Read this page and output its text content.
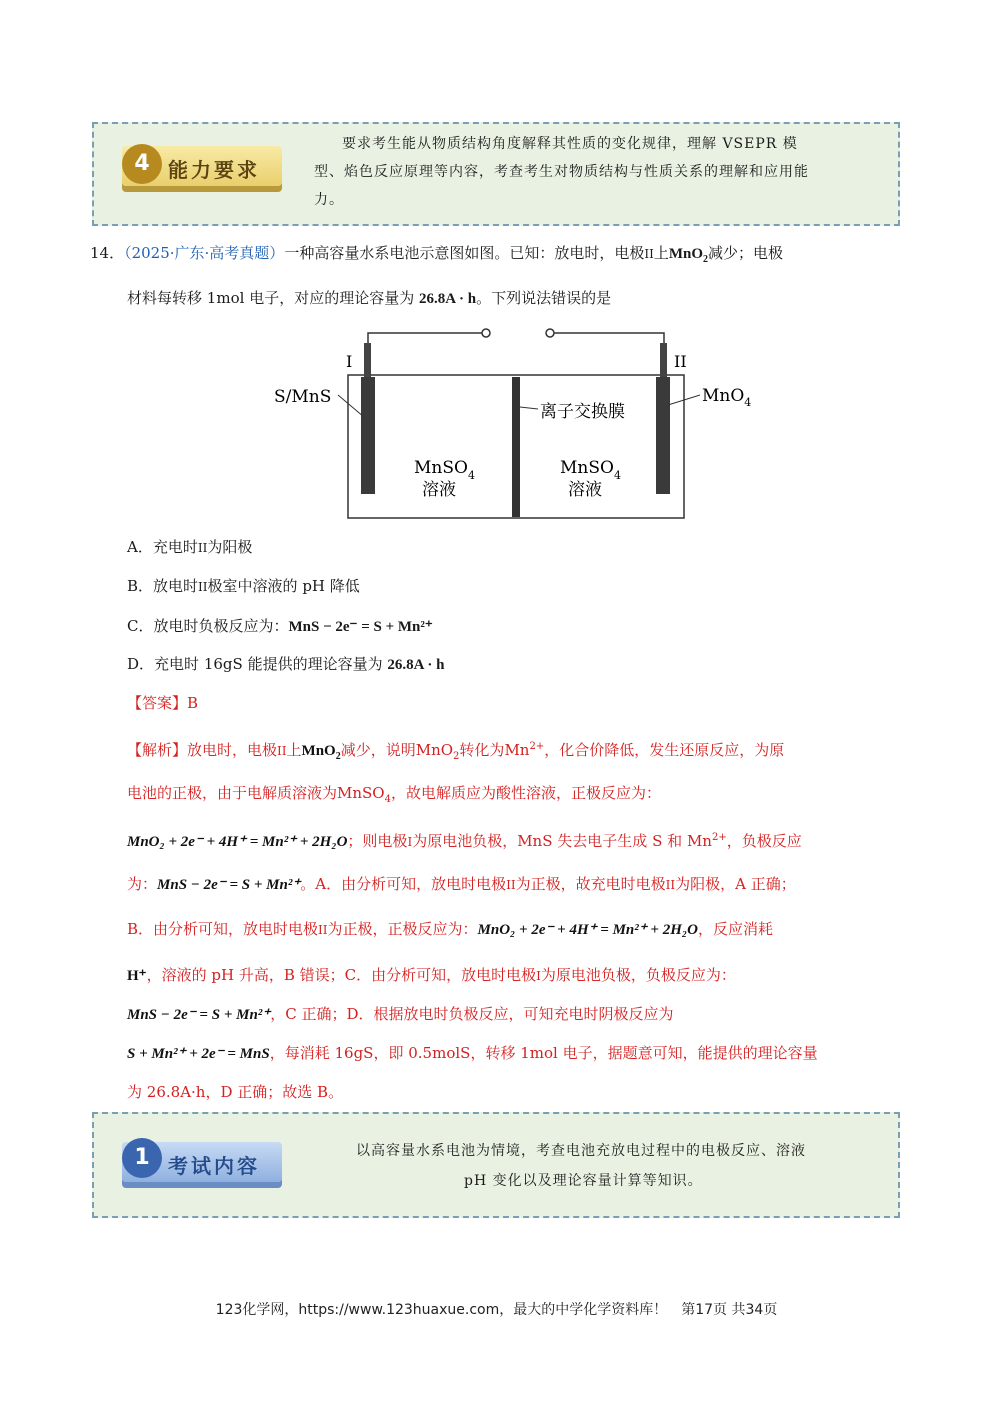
4 能力要求
要求考生能从物质结构角度解释其性质的变化规律，理解 VSEPR 模
型、焰色反应原理等内容，考查考生对物质结构与性质关系的理解和应用能
力。
14．（2025·广东·高考真题）一种高容量水系电池示意图如图。已知：放电时，电极II上MnO$_2$减少；电极
材料每转移 1mol 电子，对应的理论容量为 26.8A · h。下列说法错误的是
I	II
S/MnS	MnO$_4$
离子交换膜
MnSO$_4$
溶液
MnSO$_4$
溶液
A．充电时II为阳极
B．放电时II极室中溶液的 pH 降低
C．放电时负极反应为：MnS − 2e⁻ = S + Mn²⁺
D．充电时 16gS 能提供的理论容量为 26.8A · h
【答案】B
【解析】放电时，电极II上MnO$_2$减少，说明MnO$_2$转化为$Mn^{2+}$，化合价降低，发生还原反应，为原
电池的正极，由于电解质溶液为MnSO$_4$，故电解质应为酸性溶液，正极反应为：
MnO₂ + 2e⁻ + 4H⁺ = Mn²⁺ + 2H₂O；则电极I为原电池负极，MnS 失去电子生成 S 和 $Mn^{2+}$，负极反应
为：MnS − 2e⁻ = S + Mn²⁺。A．由分析可知，放电时电极II为正极，故充电时电极II为阳极，A 正确；
B．由分析可知，放电时电极II为正极，正极反应为：MnO₂ + 2e⁻ + 4H⁺ = Mn²⁺ + 2H₂O，反应消耗
H⁺，溶液的 pH 升高，B 错误；C．由分析可知，放电时电极I为原电池负极，负极反应为：
MnS − 2e⁻ = S + Mn²⁺，C 正确；D．根据放电时负极反应，可知充电时阴极反应为
S + Mn²⁺ + 2e⁻ = MnS，每消耗 16gS，即 0.5molS，转移 1mol 电子，据题意可知，能提供的理论容量
为 26.8A·h，D 正确；故选 B。
1 考试内容
以高容量水系电池为情境，考查电池充放电过程中的电极反应、溶液
pH 变化以及理论容量计算等知识。
123化学网，https://www.123huaxue.com，最大的中学化学资料库！　第17页 共34页
